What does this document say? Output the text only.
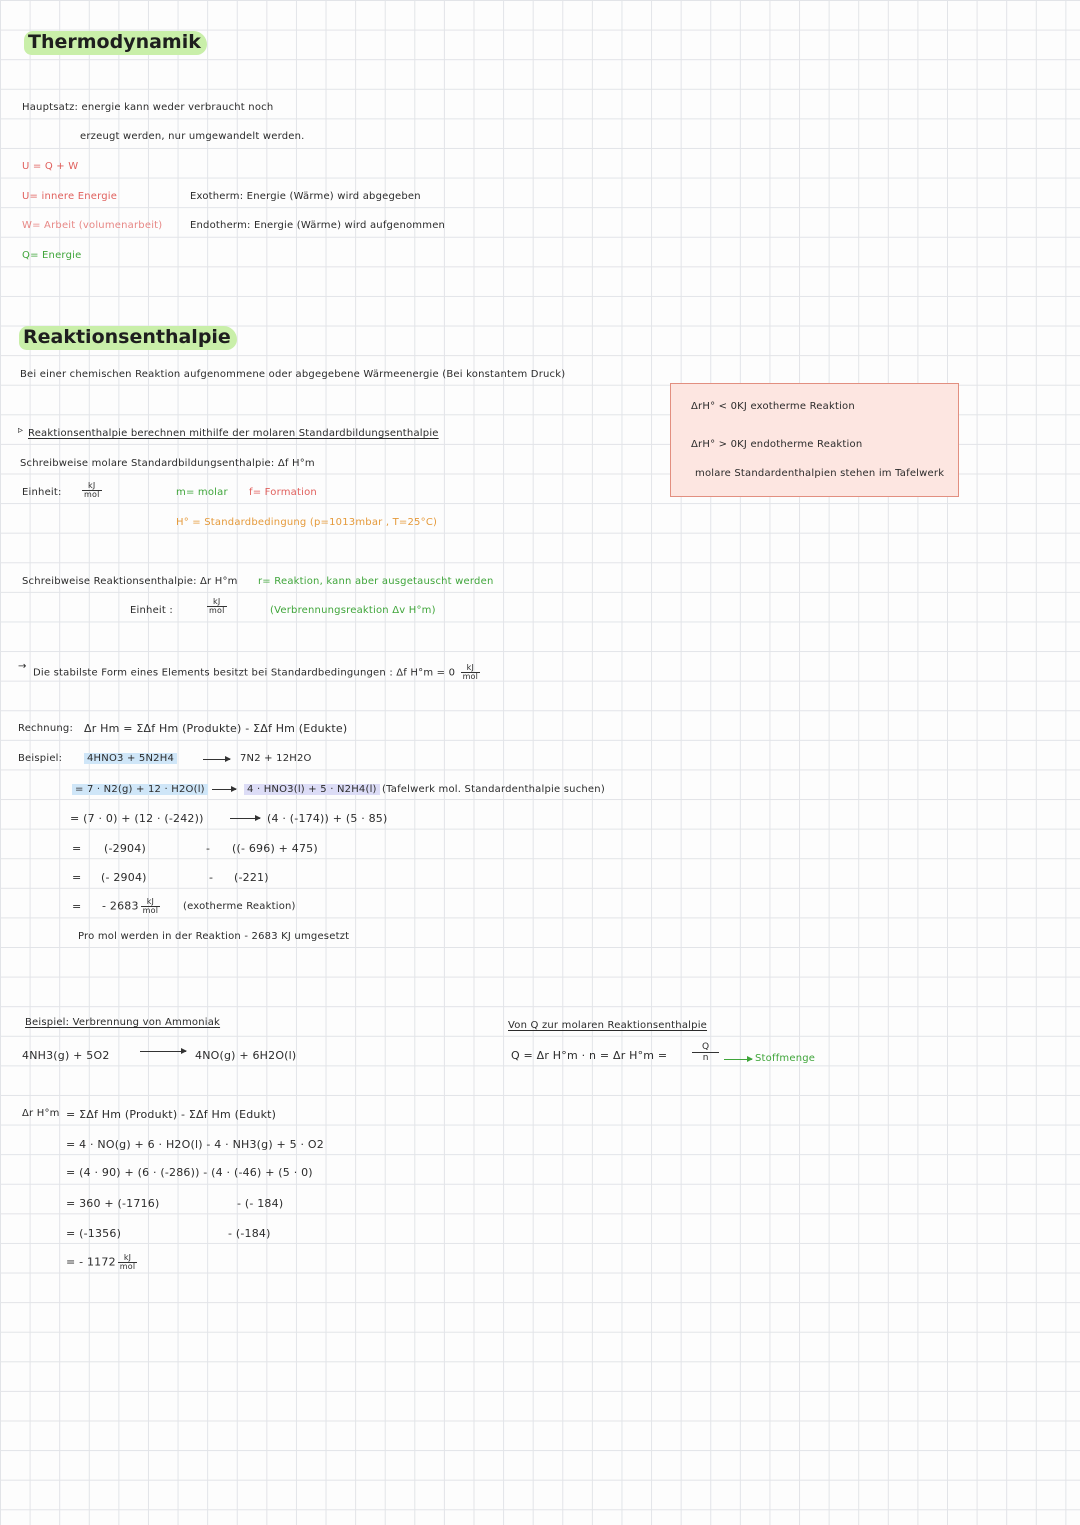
Thermodynamik
Hauptsatz: energie kann weder verbraucht noch
erzeugt werden, nur umgewandelt werden.
U = Q + W
U= innere Energie
W= Arbeit (volumenarbeit)
Q= Energie
Exotherm: Energie (Wärme) wird abgegeben
Endotherm: Energie (Wärme) wird aufgenommen
Reaktionsenthalpie
Bei einer chemischen Reaktion aufgenommene oder abgegebene Wärmeenergie (Bei konstantem Druck)
ΔrH° < 0KJ exotherme Reaktion
ΔrH° > 0KJ endotherme Reaktion
molare Standardenthalpien stehen im Tafelwerk
▹ Reaktionsenthalpie berechnen mithilfe der molaren Standardbildungsenthalpie
Schreibweise molare Standardbildungsenthalpie: Δf H°m
Einheit:	$\frac{kJ}{\text{mol}}$	m= molar f= Formation
H° = Standardbedingung (p=1013mbar , T=25°C)
Schreibweise Reaktionsenthalpie: Δr H°m r= Reaktion, kann aber ausgetauscht werden
Einheit :	$\frac{kJ}{\text{mol}}$	(Verbrennungsreaktion Δv H°m)
→
Die stabilste Form eines Elements besitzt bei Standardbedingungen : Δf $H^\circ m = 0 \frac{kJ}{\text{mol}}$
Rechnung: Δr Hm = ΣΔf Hm (Produkte) - ΣΔf Hm (Edukte)
Beispiel:	4HNO3 + 5N2H4 → 7N2 + 12H2O
= 7 · N2(g) + 12 · H2O(l) →	4 · HNO3(l) + 5 · N2H4(l) (Tafelwerk mol. Standardenthalpie suchen)
= (7 · 0) + (12 · (-242)) → (4 · (-174)) + (5 · 85)
= (-2904)	- ((- 696) + 475)
= (- 2904)	- (-221)
= - $2683 \frac{kJ}{\text{mol}}$ (exotherme Reaktion)
Pro mol werden in der Reaktion - 2683 KJ umgesetzt
Beispiel: Verbrennung von Ammoniak
4NH3(g) + 5O2 → 4NO(g) + 6H2O(l)
Δr H°m = ΣΔf Hm (Produkt) - ΣΔf Hm (Edukt)
= 4 · NO(g) + 6 · H2O(l) - 4 · NH3(g) + 5 · O2
= (4 · 90) + (6 · (-286)) - (4 · (-46) + (5 · 0)
= 360 + (-1716)	- (- 184)
= (-1356)	- (-184)
= - $1172 \frac{kJ}{\text{mol}}$
Von Q zur molaren Reaktionsenthalpie
Q = Δr H°m · n = Δr H°m =	$\frac{Q}{n}$	Stoffmenge
